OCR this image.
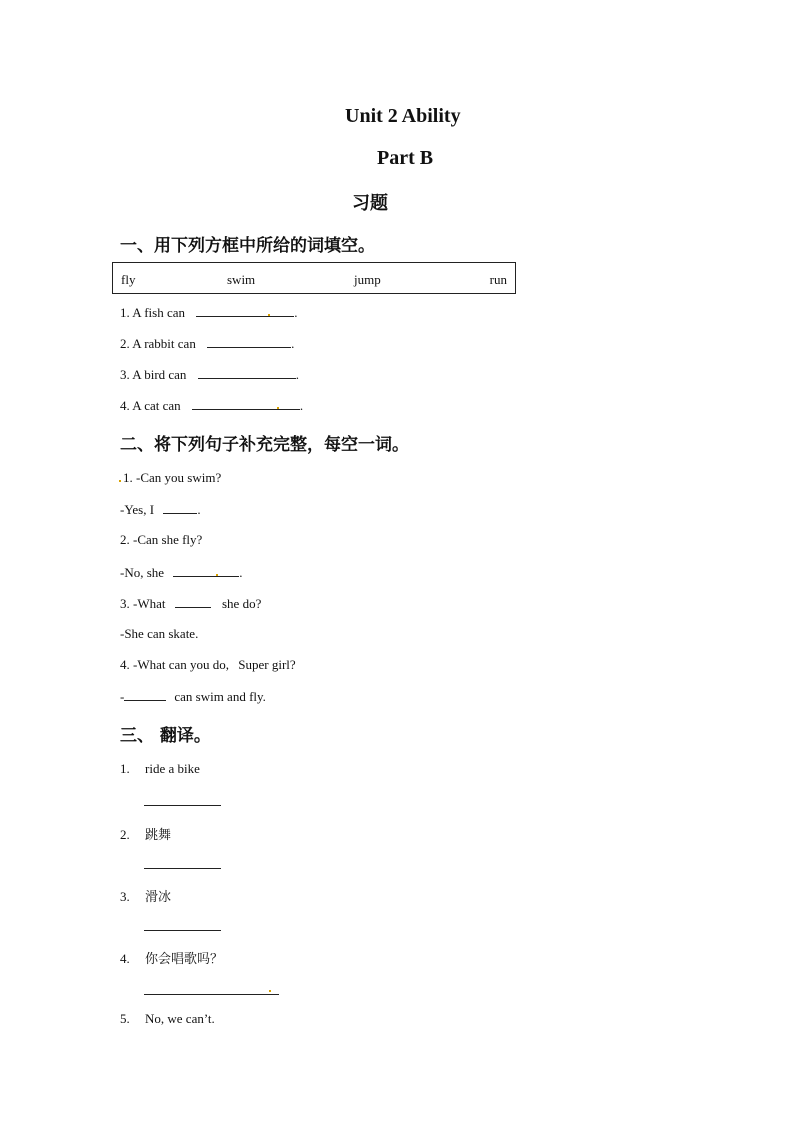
Unit 2 Ability
Part B
习题
一、用下列方框中所给的词填空。
fly	swim	jump	run
1. A fish can	.
2. A rabbit can	.
3. A bird can	.
4. A cat can	.
二、将下列句子补充完整，每空一词。
1. -Can you swim?
-Yes, I	.
2. -Can she fly?
-No, she	.
3. -What	she do?
-She can skate.
4. -What can you do, Super girl?
-	can swim and fly.
三、 翻译。
1. ride a bike
2. 跳舞
3. 滑冰
4. 你会唱歌吗？
5. No, we can’t.
